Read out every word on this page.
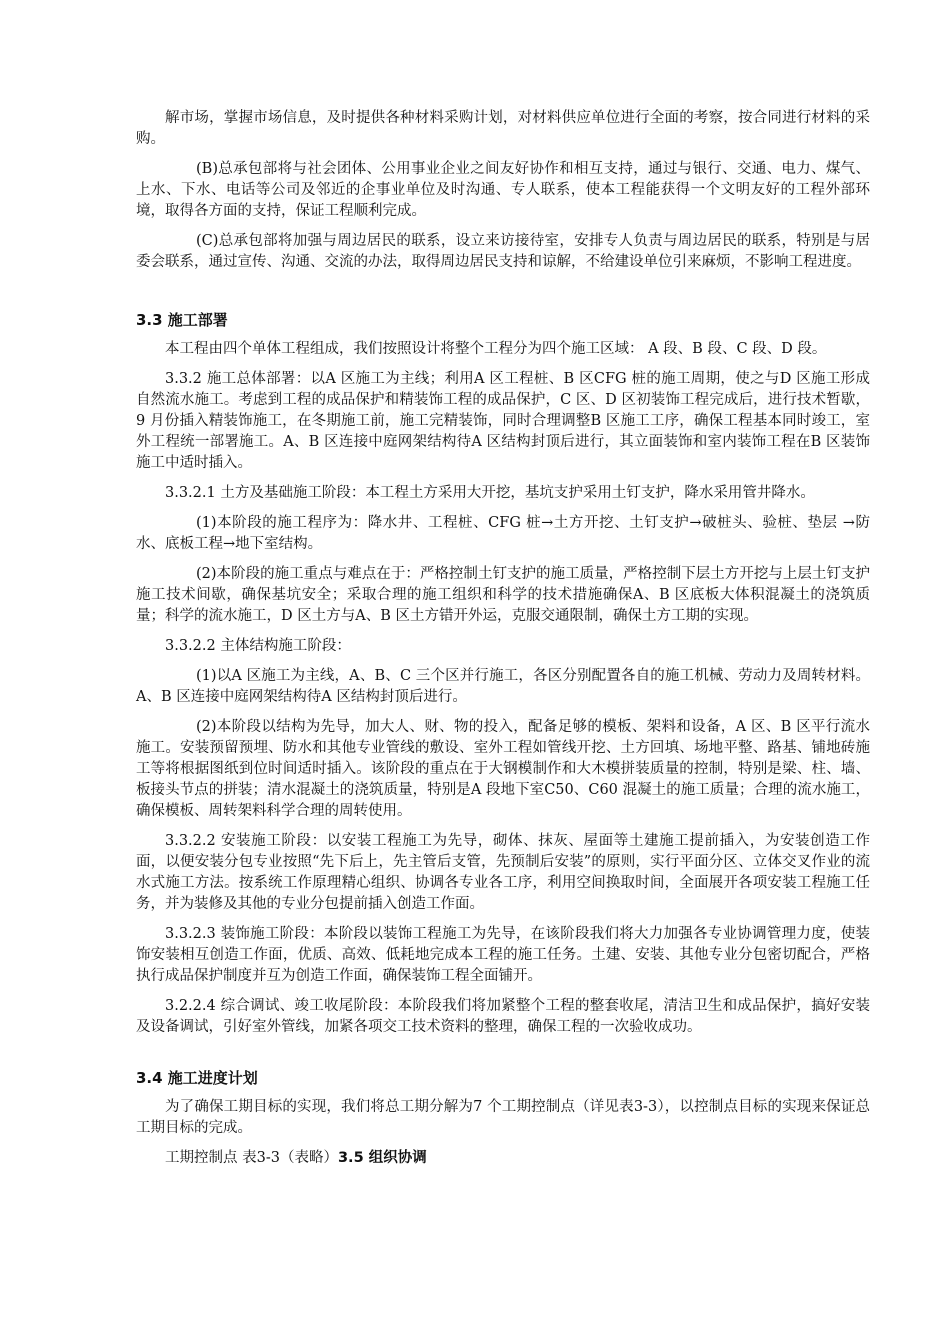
解市场，掌握市场信息，及时提供各种材料采购计划，对材料供应单位进行全面的考察，按合同进行材料的采购。

(B)总承包部将与社会团体、公用事业企业之间友好协作和相互支持，通过与银行、交通、电力、煤气、上水、下水、电话等公司及邻近的企事业单位及时沟通、专人联系，使本工程能获得一个文明友好的工程外部环境，取得各方面的支持，保证工程顺利完成。

(C)总承包部将加强与周边居民的联系，设立来访接待室，安排专人负责与周边居民的联系，特别是与居委会联系，通过宣传、沟通、交流的办法，取得周边居民支持和谅解，不给建设单位引来麻烦，不影响工程进度。

3.3 施工部署

本工程由四个单体工程组成，我们按照设计将整个工程分为四个施工区域： A 段、B 段、C 段、D 段。

3.3.2 施工总体部署：以A 区施工为主线；利用A 区工程桩、B 区CFG 桩的施工周期，使之与D 区施工形成自然流水施工。考虑到工程的成品保护和精装饰工程的成品保护，C 区、D 区初装饰工程完成后，进行技术暂歇，9 月份插入精装饰施工，在冬期施工前，施工完精装饰，同时合理调整B 区施工工序，确保工程基本同时竣工，室外工程统一部署施工。A、B 区连接中庭网架结构待A 区结构封顶后进行，其立面装饰和室内装饰工程在B 区装饰施工中适时插入。

3.3.2.1 土方及基础施工阶段：本工程土方采用大开挖，基坑支护采用土钉支护，降水采用管井降水。

(1)本阶段的施工程序为：降水井、工程桩、CFG 桩→土方开挖、土钉支护→破桩头、验桩、垫层 →防水、底板工程→地下室结构。

(2)本阶段的施工重点与难点在于：严格控制土钉支护的施工质量，严格控制下层土方开挖与上层土钉支护施工技术间歇，确保基坑安全；采取合理的施工组织和科学的技术措施确保A、B 区底板大体积混凝土的浇筑质量；科学的流水施工，D 区土方与A、B 区土方错开外运，克服交通限制，确保土方工期的实现。

3.3.2.2 主体结构施工阶段：

(1)以A 区施工为主线，A、B、C 三个区并行施工，各区分别配置各自的施工机械、劳动力及周转材料。A、B 区连接中庭网架结构待A 区结构封顶后进行。

(2)本阶段以结构为先导，加大人、财、物的投入，配备足够的模板、架料和设备，A 区、B 区平行流水施工。安装预留预埋、防水和其他专业管线的敷设、室外工程如管线开挖、土方回填、场地平整、路基、铺地砖施工等将根据图纸到位时间适时插入。该阶段的重点在于大钢模制作和大木模拼装质量的控制，特别是梁、柱、墙、板接头节点的拼装；清水混凝土的浇筑质量，特别是A 段地下室C50、C60 混凝土的施工质量；合理的流水施工，确保模板、周转架料科学合理的周转使用。

3.3.2.2 安装施工阶段：以安装工程施工为先导，砌体、抹灰、屋面等土建施工提前插入，为安装创造工作面，以便安装分包专业按照“先下后上，先主管后支管，先预制后安装”的原则，实行平面分区、立体交叉作业的流水式施工方法。按系统工作原理精心组织、协调各专业各工序，利用空间换取时间，全面展开各项安装工程施工任务，并为装修及其他的专业分包提前插入创造工作面。

3.3.2.3 装饰施工阶段：本阶段以装饰工程施工为先导，在该阶段我们将大力加强各专业协调管理力度，使装饰安装相互创造工作面，优质、高效、低耗地完成本工程的施工任务。土建、安装、其他专业分包密切配合，严格执行成品保护制度并互为创造工作面，确保装饰工程全面铺开。

3.2.2.4 综合调试、竣工收尾阶段：本阶段我们将加紧整个工程的整套收尾，清洁卫生和成品保护，搞好安装及设备调试，引好室外管线，加紧各项交工技术资料的整理，确保工程的一次验收成功。

3.4 施工进度计划

为了确保工期目标的实现，我们将总工期分解为7 个工期控制点（详见表3-3），以控制点目标的实现来保证总工期目标的完成。

工期控制点 表3-3（表略）3.5 组织协调
